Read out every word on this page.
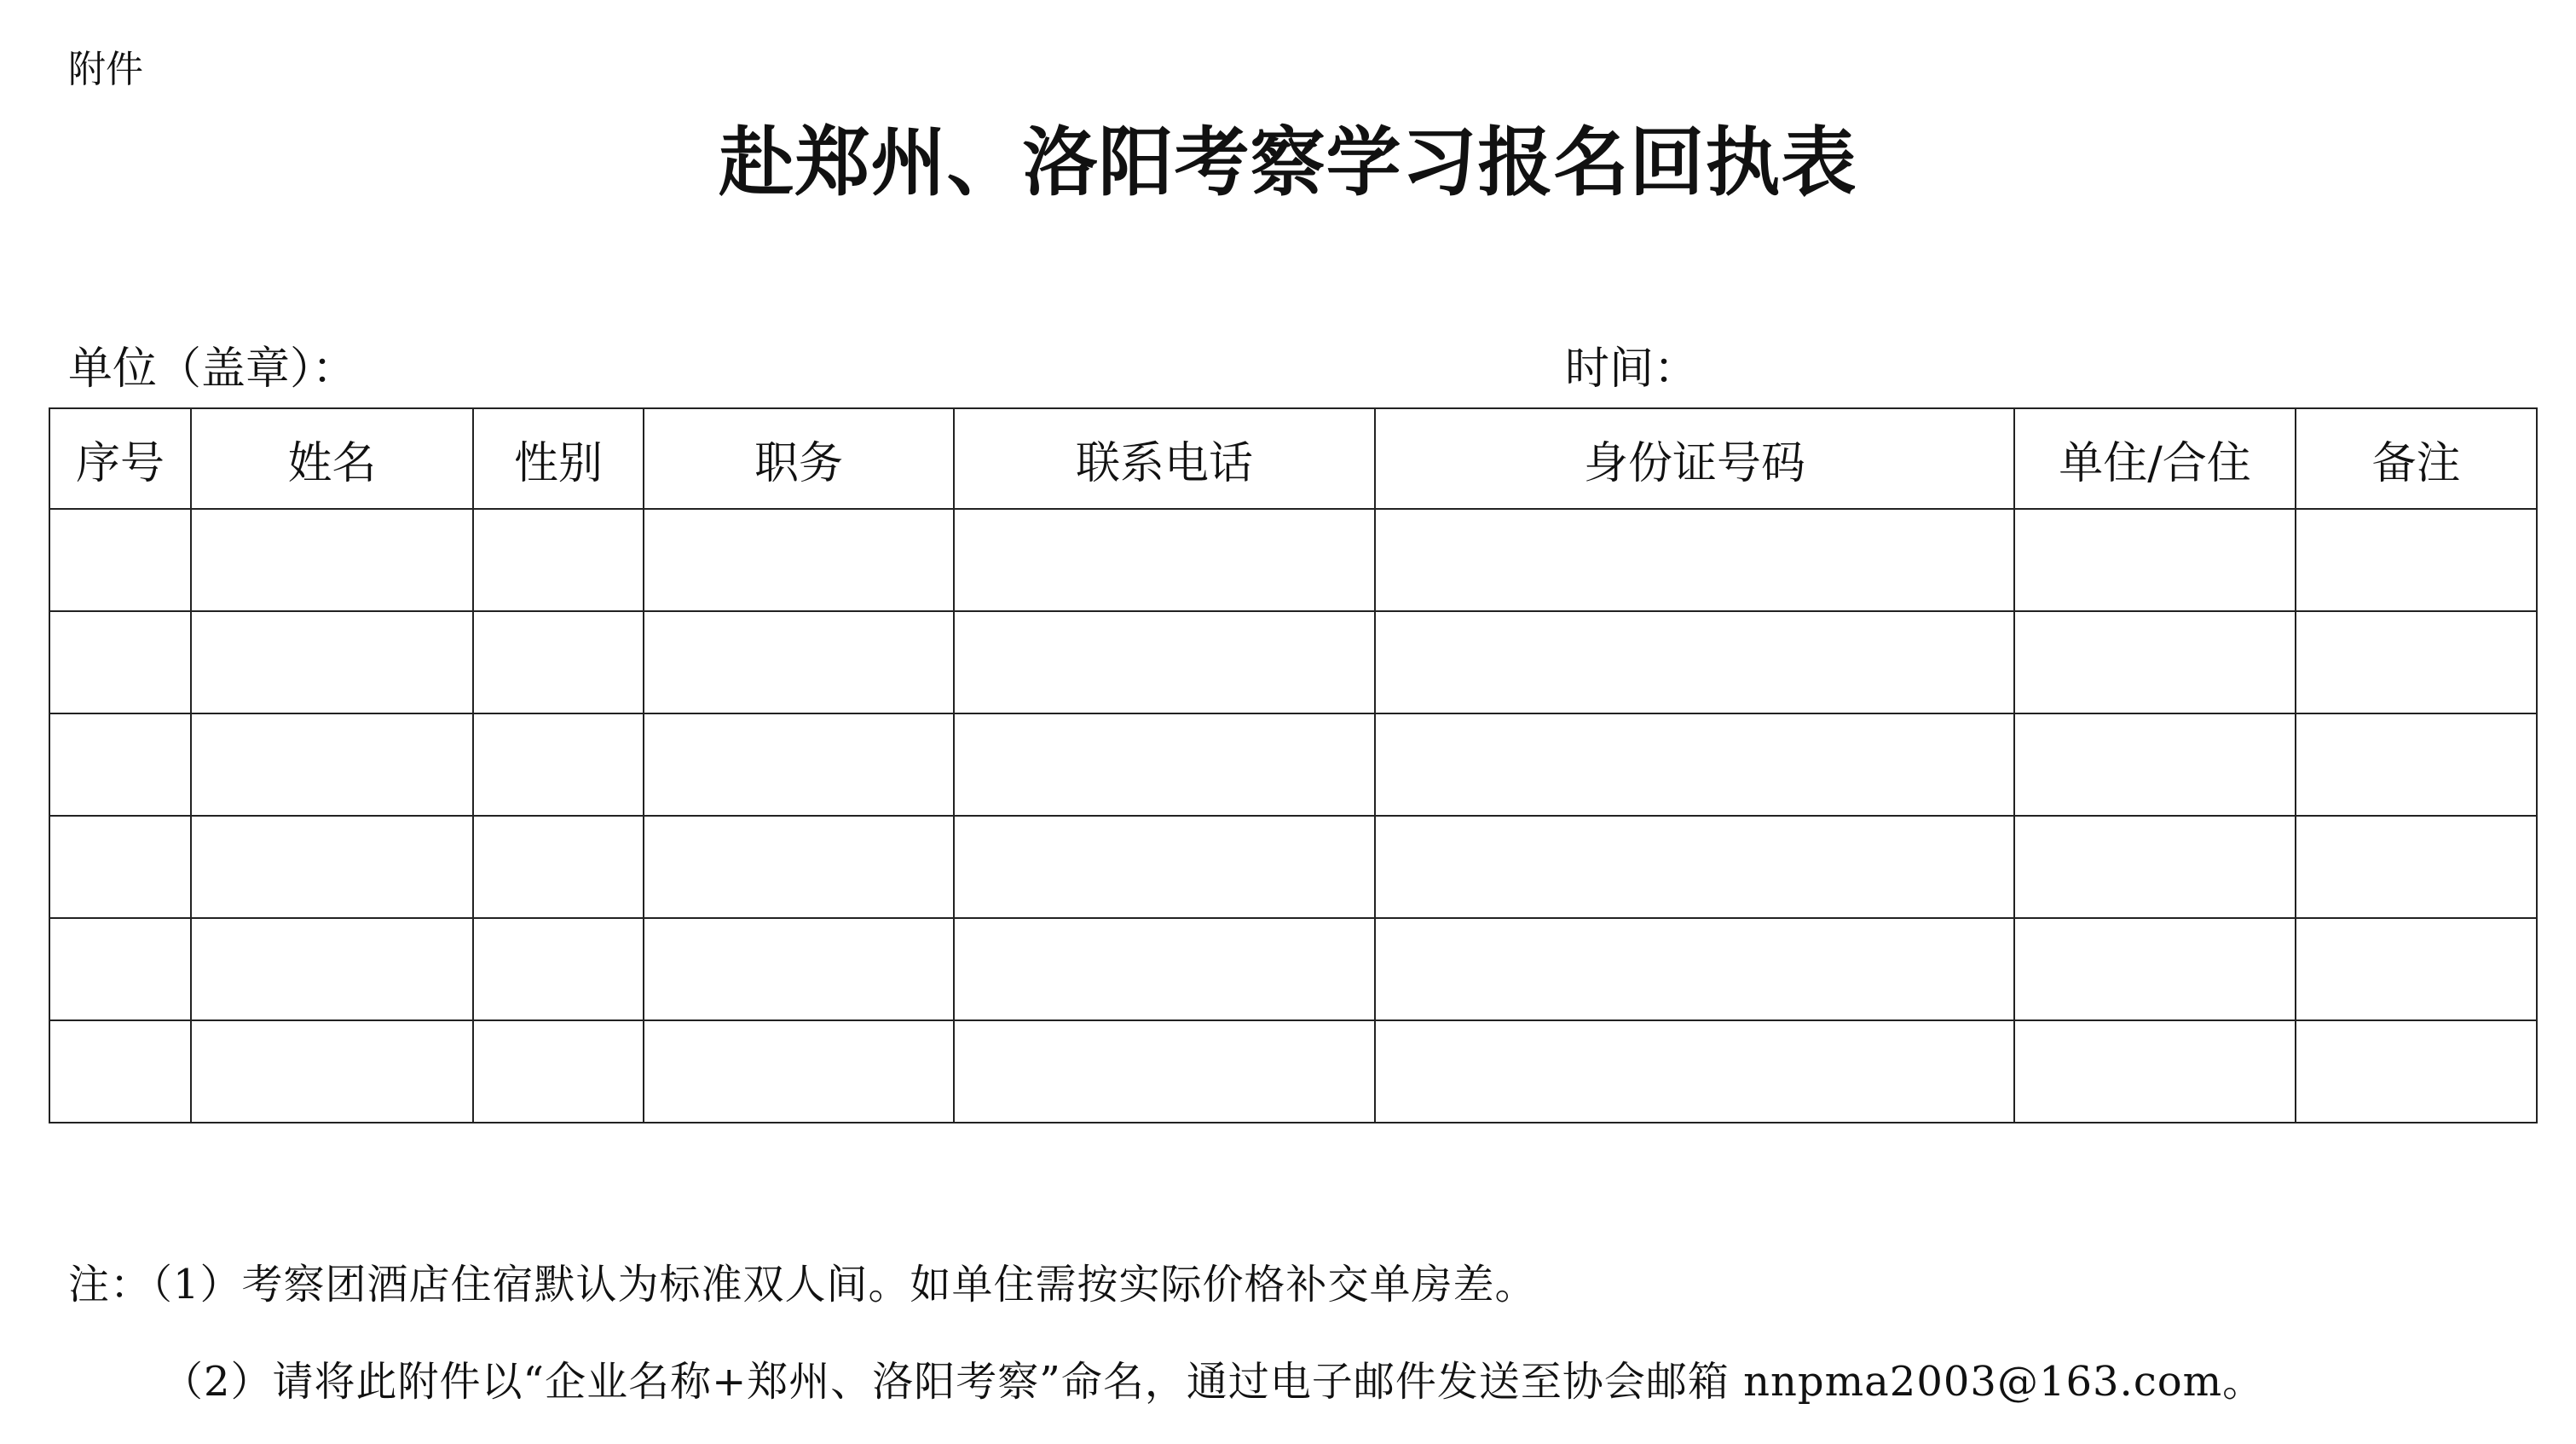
附件
赴郑州、洛阳考察学习报名回执表
单位（盖章）：	时间：
序号	姓名	性别	职务	联系电话	身份证号码	单住/合住	备注

注：（1）考察团酒店住宿默认为标准双人间。如单住需按实际价格补交单房差。
（2）请将此附件以“企业名称+郑州、洛阳考察”命名，通过电子邮件发送至协会邮箱 nnpma2003@163.com。
